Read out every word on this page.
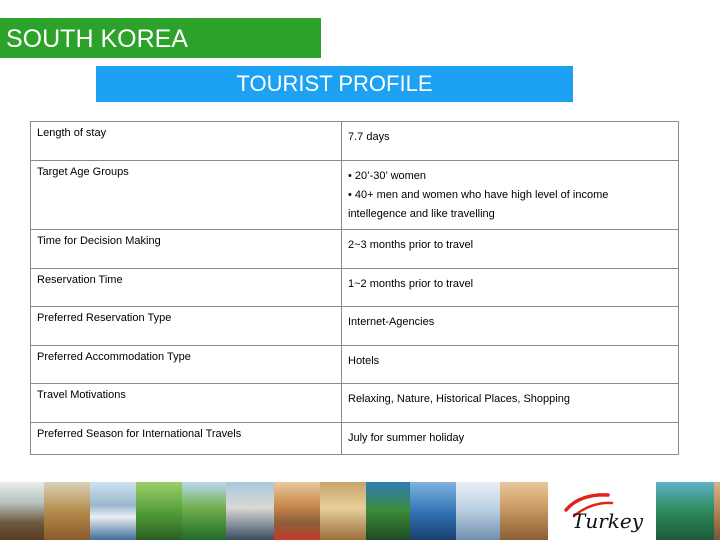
SOUTH KOREA
TOURIST PROFILE
Length of stay	7.7 days

Target Age Groups	• 20’-30’ women
• 40+ men and women who have high level of income
intellegence and like travelling

Time for Decision Making	2~3 months prior to travel

Reservation Time	1~2 months prior to travel

Preferred Reservation Type	Internet-Agencies

Preferred Accommodation Type	Hotels

Travel Motivations	Relaxing, Nature, Historical Places, Shopping

Preferred Season for International Travels	July for summer holiday
Turkey
